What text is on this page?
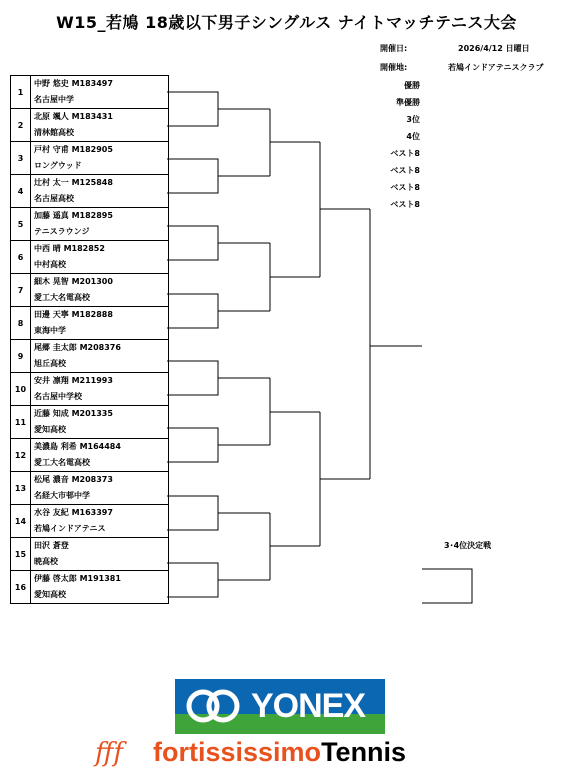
W15_若鳩 18歳以下男子シングルス ナイトマッチテニス大会
開催日:	2026/4/12 日曜日
開催地:	若鳩インドアテニスクラブ
優勝
準優勝
3位
4位
ベスト8
ベスト8
ベスト8
ベスト8
1	中野 悠史 M183497
名古屋中学

2	北原 颯人 M183431
清林館高校

3	戸村 守甫 M182905
ロングウッド

4	辻村 太一 M125848
名古屋高校

5	加藤 遥真 M182895
テニスラウンジ

6	中西 晴 M182852
中村高校

7	細木 晃智 M201300
愛工大名電高校

8	田邊 天寧 M182888
東海中学

9	尾郷 圭太郎 M208376
旭丘高校

10	安井 凛翔 M211993
名古屋中学校

11	近藤 知成 M201335
愛知高校

12	美濃島 利希 M164484
愛工大名電高校

13	松尾 濃音 M208373
名経大市邨中学

14	水谷 友紀 M163397
若鳩インドアテニス

15	田沢 蒼登
暁高校

16	伊藤 啓太郎 M191381
愛知高校
3･4位決定戦
YONEX
fff fortississimoTennis
